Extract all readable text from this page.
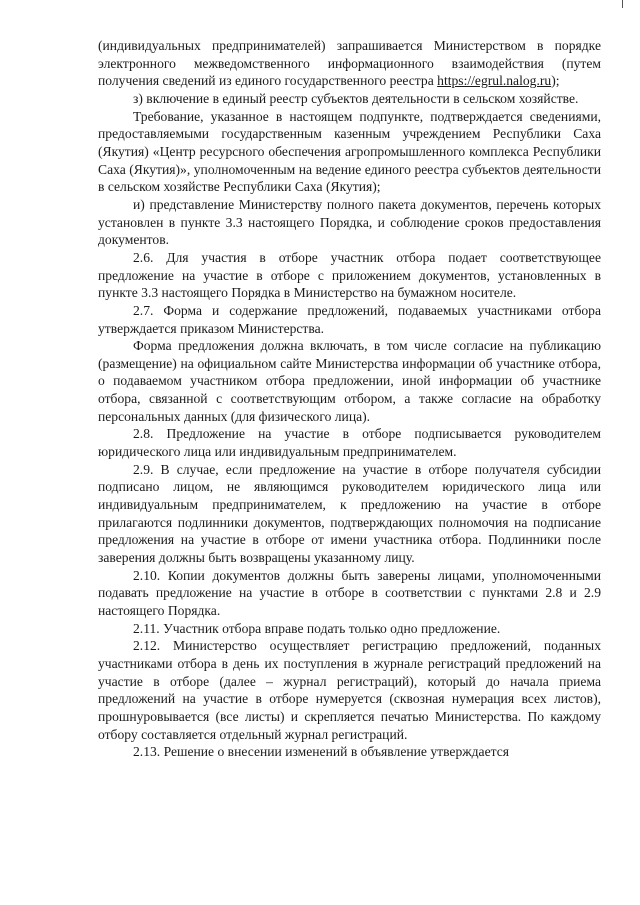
(индивидуальных предпринимателей) запрашивается Министерством в порядке электронного межведомственного информационного взаимодействия (путем получения сведений из единого государственного реестра https://egrul.nalog.ru);

з) включение в единый реестр субъектов деятельности в сельском хозяйстве.

Требование, указанное в настоящем подпункте, подтверждается сведениями, предоставляемыми государственным казенным учреждением Республики Саха (Якутия) «Центр ресурсного обеспечения агропромышленного комплекса Республики Саха (Якутия)», уполномоченным на ведение единого реестра субъектов деятельности в сельском хозяйстве Республики Саха (Якутия);

и) представление Министерству полного пакета документов, перечень которых установлен в пункте 3.3 настоящего Порядка, и соблюдение сроков предоставления документов.

2.6. Для участия в отборе участник отбора подает соответствующее предложение на участие в отборе с приложением документов, установленных в пункте 3.3 настоящего Порядка в Министерство на бумажном носителе.

2.7. Форма и содержание предложений, подаваемых участниками отбора утверждается приказом Министерства.

Форма предложения должна включать, в том числе согласие на публикацию (размещение) на официальном сайте Министерства информации об участнике отбора, о подаваемом участником отбора предложении, иной информации об участнике отбора, связанной с соответствующим отбором, а также согласие на обработку персональных данных (для физического лица).

2.8. Предложение на участие в отборе подписывается руководителем юридического лица или индивидуальным предпринимателем.

2.9. В случае, если предложение на участие в отборе получателя субсидии подписано лицом, не являющимся руководителем юридического лица или индивидуальным предпринимателем, к предложению на участие в отборе прилагаются подлинники документов, подтверждающих полномочия на подписание предложения на участие в отборе от имени участника отбора. Подлинники после заверения должны быть возвращены указанному лицу.

2.10. Копии документов должны быть заверены лицами, уполномоченными подавать предложение на участие в отборе в соответствии с пунктами 2.8 и 2.9 настоящего Порядка.

2.11. Участник отбора вправе подать только одно предложение.

2.12. Министерство осуществляет регистрацию предложений, поданных участниками отбора в день их поступления в журнале регистраций предложений на участие в отборе (далее – журнал регистраций), который до начала приема предложений на участие в отборе нумеруется (сквозная нумерация всех листов), прошнуровывается (все листы) и скрепляется печатью Министерства. По каждому отбору составляется отдельный журнал регистраций.

2.13. Решение о внесении изменений в объявление утверждается
